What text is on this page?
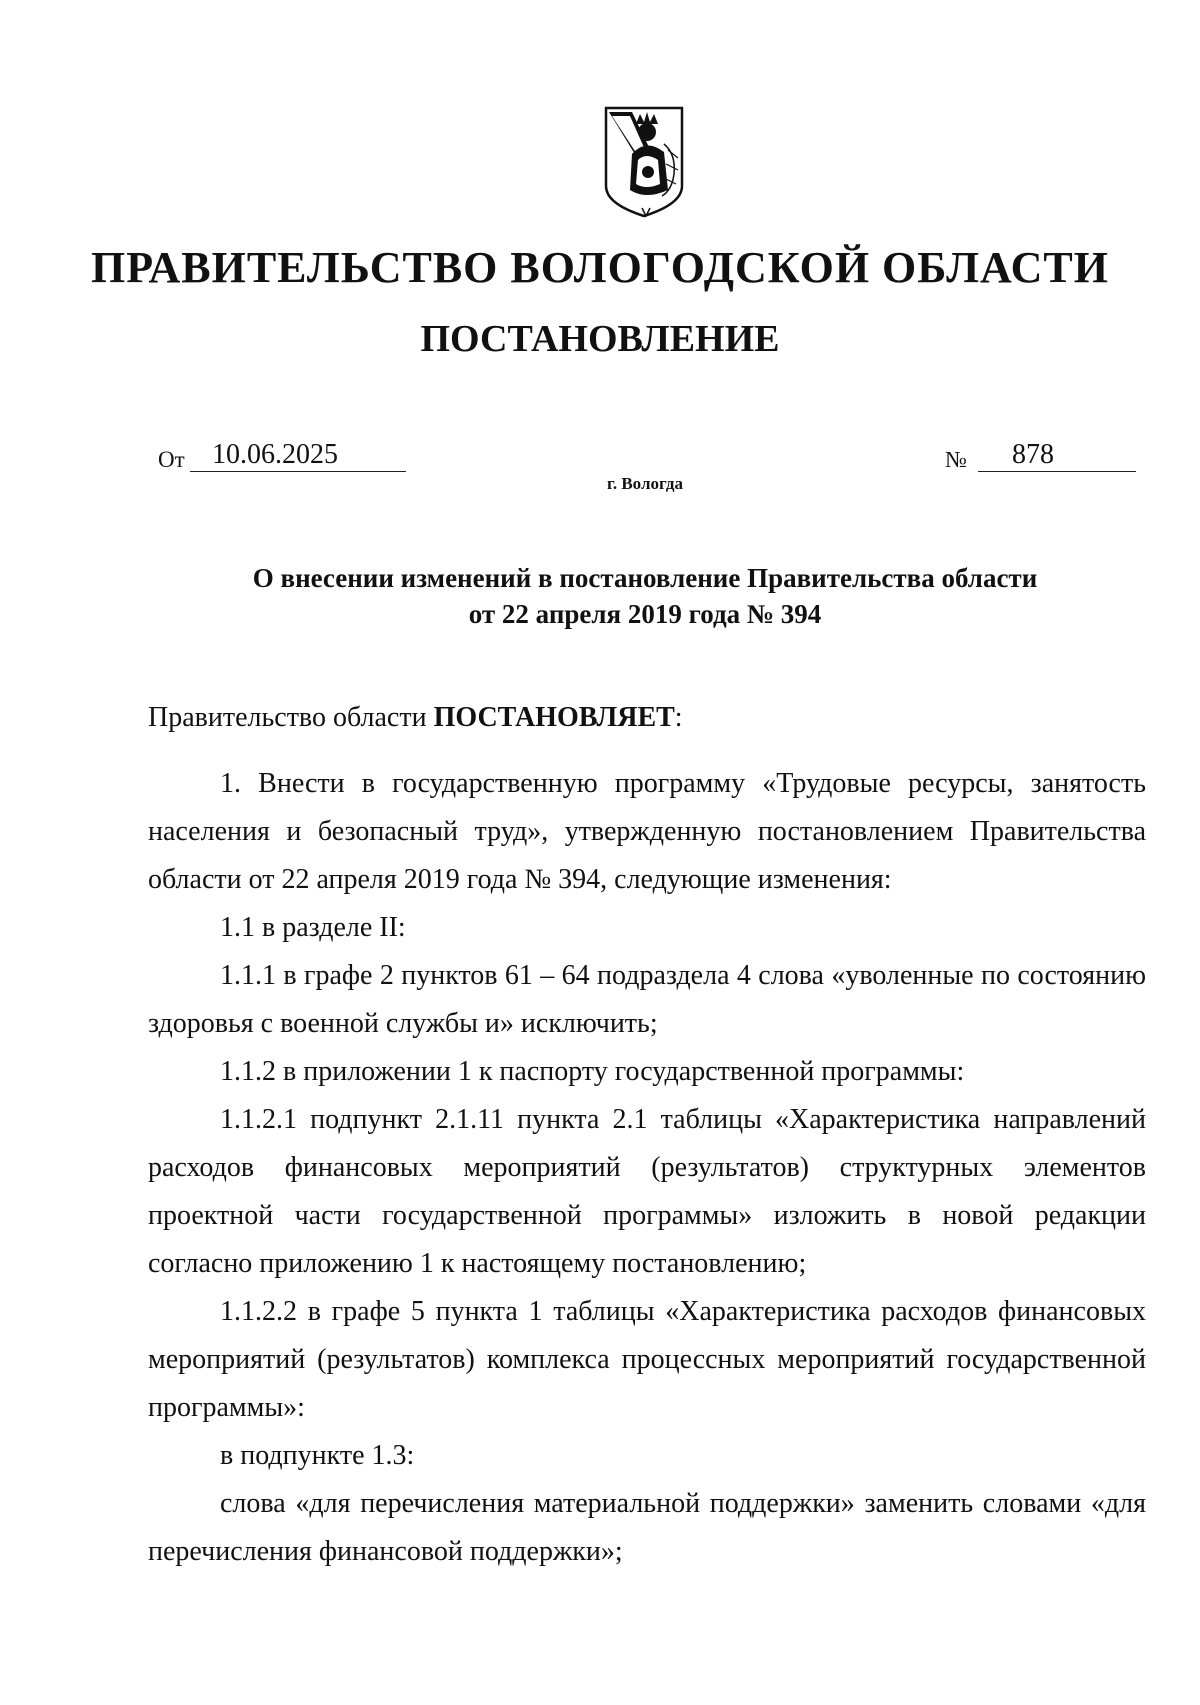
ПРАВИТЕЛЬСТВО ВОЛОГОДСКОЙ ОБЛАСТИ
ПОСТАНОВЛЕНИЕ
От 10.06.2025	№	878
г. Вологда
О внесении изменений в постановление Правительства области
от 22 апреля 2019 года № 394
Правительство области ПОСТАНОВЛЯЕТ:

1. Внести в государственную программу «Трудовые ресурсы, занятость населения и безопасный труд», утвержденную постановлением Правительства области от 22 апреля 2019 года № 394, следующие изменения:

1.1 в разделе II:

1.1.1 в графе 2 пунктов 61 – 64 подраздела 4 слова «уволенные по состоянию здоровья с военной службы и» исключить;

1.1.2 в приложении 1 к паспорту государственной программы:

1.1.2.1 подпункт 2.1.11 пункта 2.1 таблицы «Характеристика направлений расходов финансовых мероприятий (результатов) структурных элементов проектной части государственной программы» изложить в новой редакции согласно приложению 1 к настоящему постановлению;

1.1.2.2 в графе 5 пункта 1 таблицы «Характеристика расходов финансовых мероприятий (результатов) комплекса процессных мероприятий государственной программы»:

в подпункте 1.3:

слова «для перечисления материальной поддержки» заменить словами «для перечисления финансовой поддержки»;
